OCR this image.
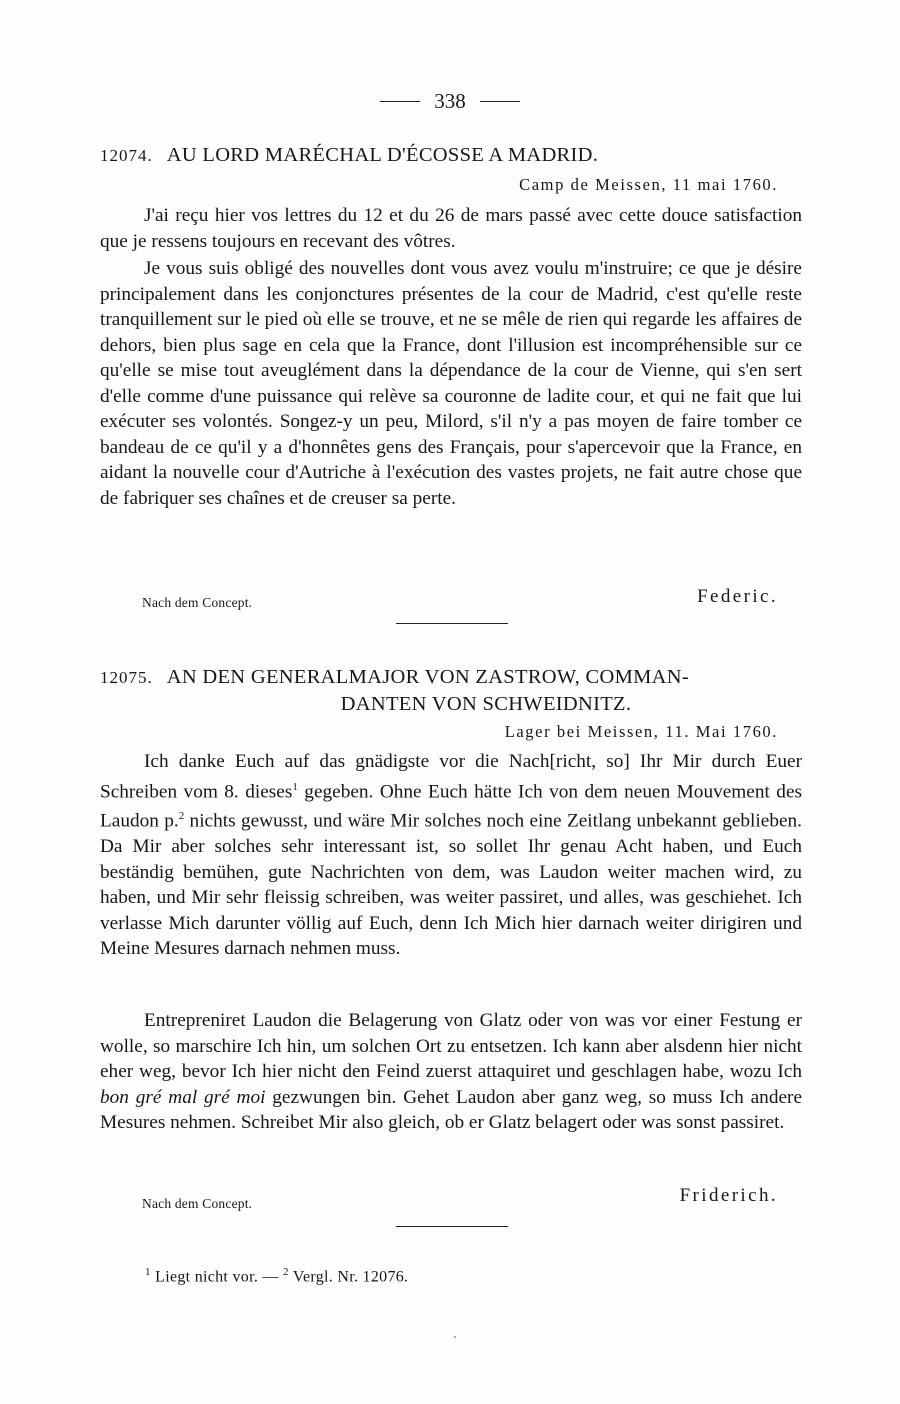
338
12074. AU LORD MARÉCHAL D'ÉCOSSE A MADRID.
Camp de Meissen, 11 mai 1760.

J'ai reçu hier vos lettres du 12 et du 26 de mars passé avec cette douce satisfaction que je ressens toujours en recevant des vôtres.

Je vous suis obligé des nouvelles dont vous avez voulu m'instruire; ce que je désire principalement dans les conjonctures présentes de la cour de Madrid, c'est qu'elle reste tranquillement sur le pied où elle se trouve, et ne se mêle de rien qui regarde les affaires de dehors, bien plus sage en cela que la France, dont l'illusion est incompréhensible sur ce qu'elle se mise tout aveuglément dans la dépendance de la cour de Vienne, qui s'en sert d'elle comme d'une puissance qui relève sa couronne de ladite cour, et qui ne fait que lui exécuter ses volontés. Songez-y un peu, Milord, s'il n'y a pas moyen de faire tomber ce bandeau de ce qu'il y a d'honnêtes gens des Français, pour s'apercevoir que la France, en aidant la nouvelle cour d'Autriche à l'exécution des vastes projets, ne fait autre chose que de fabriquer ses chaînes et de creuser sa perte.

Nach dem Concept.	Federic.
12075. AN DEN GENERALMAJOR VON ZASTROW, COMMAN-
DANTEN VON SCHWEIDNITZ.
Lager bei Meissen, 11. Mai 1760.

Ich danke Euch auf das gnädigste vor die Nach[richt, so] Ihr Mir durch Euer Schreiben vom 8. dieses$^1$ gegeben. Ohne Euch hätte Ich von dem neuen Mouvement des Laudon p.$^2$ nichts gewusst, und wäre Mir solches noch eine Zeitlang unbekannt geblieben. Da Mir aber solches sehr interessant ist, so sollet Ihr genau Acht haben, und Euch beständig bemühen, gute Nachrichten von dem, was Laudon weiter machen wird, zu haben, und Mir sehr fleissig schreiben, was weiter passiret, und alles, was geschiehet. Ich verlasse Mich darunter völlig auf Euch, denn Ich Mich hier darnach weiter dirigiren und Meine Mesures darnach nehmen muss.

Entrepreniret Laudon die Belagerung von Glatz oder von was vor einer Festung er wolle, so marschire Ich hin, um solchen Ort zu entsetzen. Ich kann aber alsdenn hier nicht eher weg, bevor Ich hier nicht den Feind zuerst attaquiret und geschlagen habe, wozu Ich bon gré mal gré moi gezwungen bin. Gehet Laudon aber ganz weg, so muss Ich andere Mesures nehmen. Schreibet Mir also gleich, ob er Glatz belagert oder was sonst passiret.

Nach dem Concept.	Friderich.
$^1$ Liegt nicht vor. — $^2$ Vergl. Nr. 12076.
